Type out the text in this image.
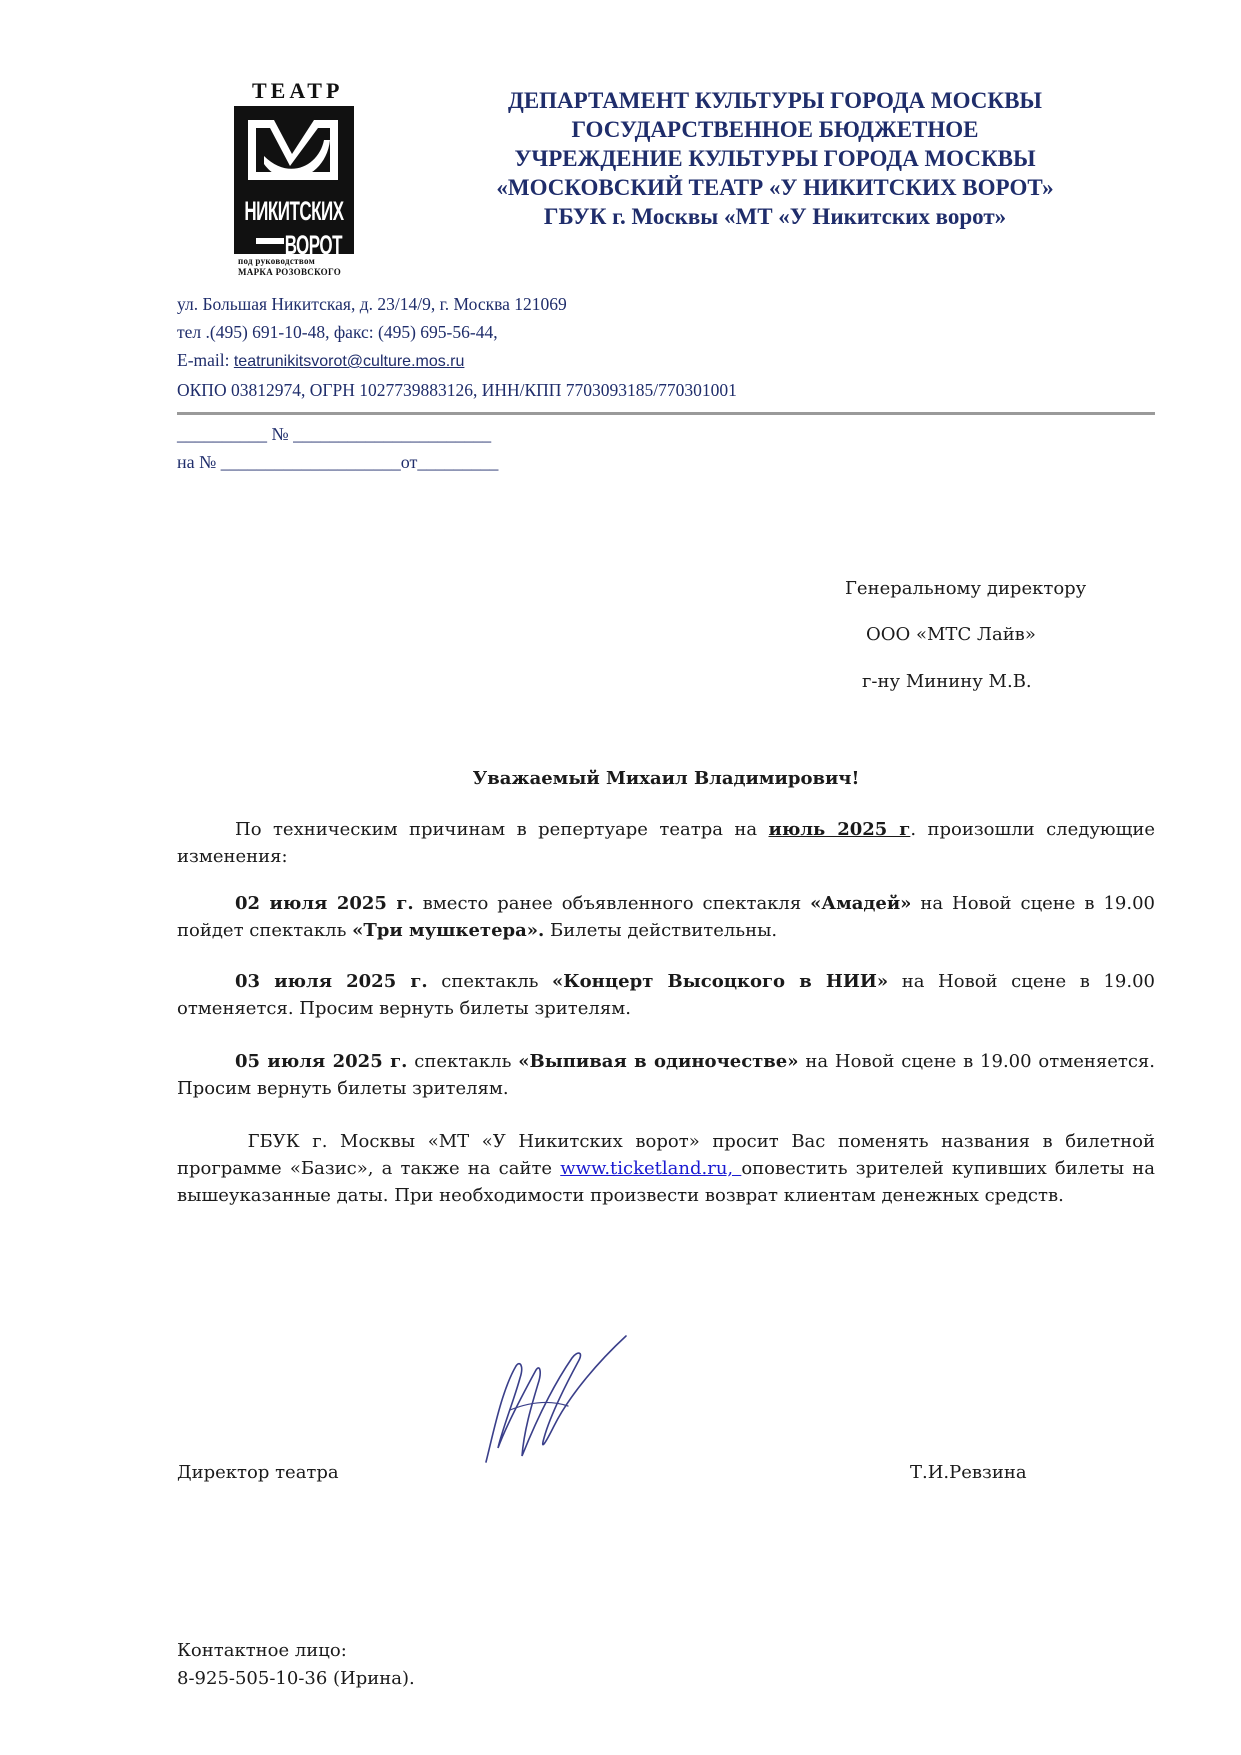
ТЕАТР
НИКИТСКИХ
ВОРОТ
под руководством
МАРКА РОЗОВСКОГО
ДЕПАРТАМЕНТ КУЛЬТУРЫ ГОРОДА МОСКВЫ
ГОСУДАРСТВЕННОЕ БЮДЖЕТНОЕ
УЧРЕЖДЕНИЕ КУЛЬТУРЫ ГОРОДА МОСКВЫ
«МОСКОВСКИЙ ТЕАТР «У НИКИТСКИХ ВОРОТ»
ГБУК г. Москвы «МТ «У Никитских ворот»
ул. Большая Никитская, д. 23/14/9, г. Москва 121069
тел .(495) 691-10-48, факс: (495) 695-56-44,
E-mail: teatrunikitsvorot@culture.mos.ru
ОКПО 03812974, ОГРН 1027739883126, ИНН/КПП 7703093185/770301001
__________ № ______________________
на № ____________________от_________
Генеральному директору
ООО «МТС Лайв»
г-ну Минину М.В.
Уважаемый Михаил Владимирович!
По техническим причинам в репертуаре театра на июль 2025 г. произошли следующие изменения:
02 июля 2025 г. вместо ранее объявленного спектакля «Амадей» на Новой сцене в 19.00 пойдет спектакль «Три мушкетера». Билеты действительны.
03 июля 2025 г. спектакль «Концерт Высоцкого в НИИ» на Новой сцене в 19.00 отменяется. Просим вернуть билеты зрителям.
05 июля 2025 г. спектакль «Выпивая в одиночестве» на Новой сцене в 19.00 отменяется. Просим вернуть билеты зрителям.
ГБУК г. Москвы «МТ «У Никитских ворот» просит Вас поменять названия в билетной программе «Базис», а также на сайте www.ticketland.ru, оповестить зрителей купивших билеты на вышеуказанные даты. При необходимости произвести возврат клиентам денежных средств.
Директор театра	Т.И.Ревзина
Контактное лицо:
8-925-505-10-36 (Ирина).
